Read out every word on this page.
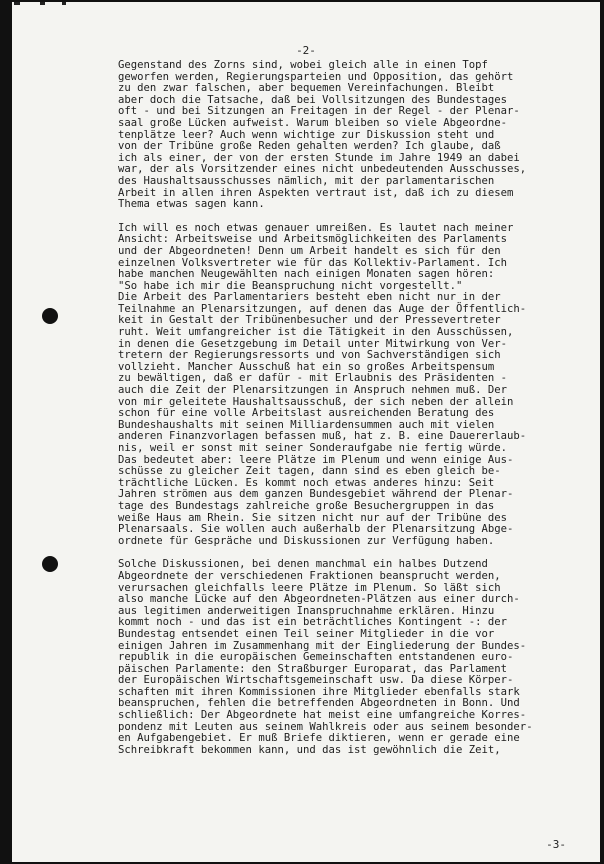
-2-
Gegenstand des Zorns sind, wobei gleich alle in einen Topf
geworfen werden, Regierungsparteien und Opposition, das gehört
zu den zwar falschen, aber bequemen Vereinfachungen. Bleibt
aber doch die Tatsache, daß bei Vollsitzungen des Bundestages
oft - und bei Sitzungen an Freitagen in der Regel - der Plenar-
saal große Lücken aufweist. Warum bleiben so viele Abgeordne-
tenplätze leer? Auch wenn wichtige zur Diskussion steht und
von der Tribüne große Reden gehalten werden? Ich glaube, daß
ich als einer, der von der ersten Stunde im Jahre 1949 an dabei
war, der als Vorsitzender eines nicht unbedeutenden Ausschusses,
des Haushaltsausschusses nämlich, mit der parlamentarischen
Arbeit in allen ihren Aspekten vertraut ist, daß ich zu diesem
Thema etwas sagen kann.
Ich will es noch etwas genauer umreißen. Es lautet nach meiner
Ansicht: Arbeitsweise und Arbeitsmöglichkeiten des Parlaments
und der Abgeordneten! Denn um Arbeit handelt es sich für den
einzelnen Volksvertreter wie für das Kollektiv-Parlament. Ich
habe manchen Neugewählten nach einigen Monaten sagen hören:
"So habe ich mir die Beanspruchung nicht vorgestellt."
Die Arbeit des Parlamentariers besteht eben nicht nur in der
Teilnahme an Plenarsitzungen, auf denen das Auge der Öffentlich-
keit in Gestalt der Tribünenbesucher und der Pressevertreter
ruht. Weit umfangreicher ist die Tätigkeit in den Ausschüssen,
in denen die Gesetzgebung im Detail unter Mitwirkung von Ver-
tretern der Regierungsressorts und von Sachverständigen sich
vollzieht. Mancher Ausschuß hat ein so großes Arbeitspensum
zu bewältigen, daß er dafür - mit Erlaubnis des Präsidenten -
auch die Zeit der Plenarsitzungen in Anspruch nehmen muß. Der
von mir geleitete Haushaltsausschuß, der sich neben der allein
schon für eine volle Arbeitslast ausreichenden Beratung des
Bundeshaushalts mit seinen Milliardensummen auch mit vielen
anderen Finanzvorlagen befassen muß, hat z. B. eine Dauererlaub-
nis, weil er sonst mit seiner Sonderaufgabe nie fertig würde.
Das bedeutet aber: leere Plätze im Plenum und wenn einige Aus-
schüsse zu gleicher Zeit tagen, dann sind es eben gleich be-
trächtliche Lücken. Es kommt noch etwas anderes hinzu: Seit
Jahren strömen aus dem ganzen Bundesgebiet während der Plenar-
tage des Bundestags zahlreiche große Besuchergruppen in das
weiße Haus am Rhein. Sie sitzen nicht nur auf der Tribüne des
Plenarsaals. Sie wollen auch außerhalb der Plenarsitzung Abge-
ordnete für Gespräche und Diskussionen zur Verfügung haben.
Solche Diskussionen, bei denen manchmal ein halbes Dutzend
Abgeordnete der verschiedenen Fraktionen beansprucht werden,
verursachen gleichfalls leere Plätze im Plenum. So läßt sich
also manche Lücke auf den Abgeordneten-Plätzen aus einer durch-
aus legitimen anderweitigen Inanspruchnahme erklären. Hinzu
kommt noch - und das ist ein beträchtliches Kontingent -: der
Bundestag entsendet einen Teil seiner Mitglieder in die vor
einigen Jahren im Zusammenhang mit der Eingliederung der Bundes-
republik in die europäischen Gemeinschaften entstandenen euro-
päischen Parlamente: den Straßburger Europarat, das Parlament
der Europäischen Wirtschaftsgemeinschaft usw. Da diese Körper-
schaften mit ihren Kommissionen ihre Mitglieder ebenfalls stark
beanspruchen, fehlen die betreffenden Abgeordneten in Bonn. Und
schließlich: Der Abgeordnete hat meist eine umfangreiche Korres-
pondenz mit Leuten aus seinem Wahlkreis oder aus seinem besonder-
en Aufgabengebiet. Er muß Briefe diktieren, wenn er gerade eine
Schreibkraft bekommen kann, und das ist gewöhnlich die Zeit,
-3-
